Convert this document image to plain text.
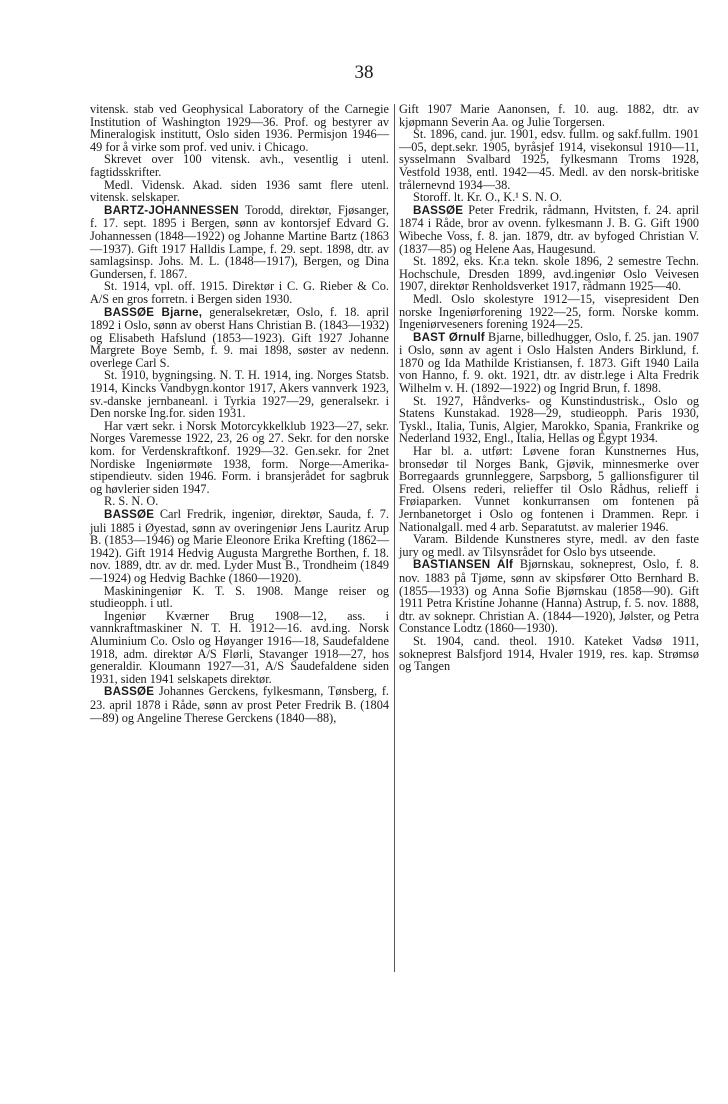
38

vitensk. stab ved Geophysical Laboratory of the Carnegie Institution of Washington 1929—36. Prof. og bestyrer av Mineralogisk institutt, Oslo siden 1936. Permisjon 1946—49 for å virke som prof. ved univ. i Chicago.

Skrevet over 100 vitensk. avh., vesentlig i utenl. fagtidsskrifter.

Medl. Vidensk. Akad. siden 1936 samt flere utenl. vitensk. selskaper.

BARTZ-JOHANNESSEN Torodd, direktør, Fjøsanger, f. 17. sept. 1895 i Bergen, sønn av kontorsjef Edvard G. Johannessen (1848—1922) og Johanne Martine Bartz (1863—1937). Gift 1917 Halldis Lampe, f. 29. sept. 1898, dtr. av samlagsinsp. Johs. M. L. (1848—1917), Bergen, og Dina Gundersen, f. 1867.

St. 1914, vpl. off. 1915. Direktør i C. G. Rieber & Co. A/S en gros forretn. i Bergen siden 1930.

BASSØE Bjarne, generalsekretær, Oslo, f. 18. april 1892 i Oslo, sønn av oberst Hans Christian B. (1843—1932) og Elisabeth Hafslund (1853—1923). Gift 1927 Johanne Margrete Boye Semb, f. 9. mai 1898, søster av nedenn. overlege Carl S.

St. 1910, bygningsing. N. T. H. 1914, ing. Norges Statsb. 1914, Kincks Vandbygn.kontor 1917, Akers vannverk 1923, sv.-danske jernbaneanl. i Tyrkia 1927—29, generalsekr. i Den norske Ing.for. siden 1931.

Har vært sekr. i Norsk Motorcykkelklub 1923—27, sekr. Norges Varemesse 1922, 23, 26 og 27. Sekr. for den norske kom. for Verdenskraftkonf. 1929—32. Gen.sekr. for 2net Nordiske Ingeniørmøte 1938, form. Norge—Amerika-stipendieutv. siden 1946. Form. i bransjerådet for sagbruk og høvlerier siden 1947.

R. S. N. O.

BASSØE Carl Fredrik, ingeniør, direktør, Sauda, f. 7. juli 1885 i Øyestad, sønn av overingeniør Jens Lauritz Arup B. (1853—1946) og Marie Eleonore Erika Krefting (1862—1942). Gift 1914 Hedvig Augusta Margrethe Borthen, f. 18. nov. 1889, dtr. av dr. med. Lyder Must B., Trondheim (1849—1924) og Hedvig Bachke (1860—1920).

Maskiningeniør K. T. S. 1908. Mange reiser og studieopph. i utl.

Ingeniør Kværner Brug 1908—12, ass. i vannkraftmaskiner N. T. H. 1912—16. avd.ing. Norsk Aluminium Co. Oslo og Høyanger 1916—18, Saudefaldene 1918, adm. direktør A/S Flørli, Stavanger 1918—27, hos generaldir. Kloumann 1927—31, A/S Saudefaldene siden 1931, siden 1941 selskapets direktør.

BASSØE Johannes Gerckens, fylkesmann, Tønsberg, f. 23. april 1878 i Råde, sønn av prost Peter Fredrik B. (1804—89) og Angeline Therese Gerckens (1840—88),

Gift 1907 Marie Aanonsen, f. 10. aug. 1882, dtr. av kjøpmann Severin Aa. og Julie Torgersen.

St. 1896, cand. jur. 1901, edsv. fullm. og sakf.fullm. 1901—05, dept.sekr. 1905, byråsjef 1914, visekonsul 1910—11, sysselmann Svalbard 1925, fylkesmann Troms 1928, Vestfold 1938, entl. 1942—45. Medl. av den norsk-britiske trålernevnd 1934—38.

Storoff. lt. Kr. O., K.¹ S. N. O.

BASSØE Peter Fredrik, rådmann, Hvitsten, f. 24. april 1874 i Råde, bror av ovenn. fylkesmann J. B. G. Gift 1900 Wibeche Voss, f. 8. jan. 1879, dtr. av byfoged Christian V. (1837—85) og Helene Aas, Haugesund.

St. 1892, eks. Kr.a tekn. skole 1896, 2 semestre Techn. Hochschule, Dresden 1899, avd.ingeniør Oslo Veivesen 1907, direktør Renholdsverket 1917, rådmann 1925—40.

Medl. Oslo skolestyre 1912—15, visepresident Den norske Ingeniørforening 1922—25, form. Norske komm. Ingeniørveseners forening 1924—25.

BAST Ørnulf Bjarne, billedhugger, Oslo, f. 25. jan. 1907 i Oslo, sønn av agent i Oslo Halsten Anders Birklund, f. 1870 og Ida Mathilde Kristiansen, f. 1873. Gift 1940 Laila von Hanno, f. 9. okt. 1921, dtr. av distr.lege i Alta Fredrik Wilhelm v. H. (1892—1922) og Ingrid Brun, f. 1898.

St. 1927, Håndverks- og Kunstindustrisk., Oslo og Statens Kunstakad. 1928—29, studieopph. Paris 1930, Tyskl., Italia, Tunis, Algier, Marokko, Spania, Frankrike og Nederland 1932, Engl., Italia, Hellas og Egypt 1934.

Har bl. a. utført: Løvene foran Kunstnernes Hus, bronsedør til Norges Bank, Gjøvik, minnesmerke over Borregaards grunnleggere, Sarpsborg, 5 gallionsfigurer til Fred. Olsens rederi, relieffer til Oslo Rådhus, relieff i Frøiaparken. Vunnet konkurransen om fontenen på Jernbanetorget i Oslo og fontenen i Drammen. Repr. i Nationalgall. med 4 arb. Separatutst. av malerier 1946.

Varam. Bildende Kunstneres styre, medl. av den faste jury og medl. av Tilsynsrådet for Oslo bys utseende.

BASTIANSEN Alf Bjørnskau, sokneprest, Oslo, f. 8. nov. 1883 på Tjøme, sønn av skipsfører Otto Bernhard B. (1855—1933) og Anna Sofie Bjørnskau (1858—90). Gift 1911 Petra Kristine Johanne (Hanna) Astrup, f. 5. nov. 1888, dtr. av soknepr. Christian A. (1844—1920), Jølster, og Petra Constance Lodtz (1860—1930).

St. 1904, cand. theol. 1910. Kateket Vadsø 1911, sokneprest Balsfjord 1914, Hvaler 1919, res. kap. Strømsø og Tangen
